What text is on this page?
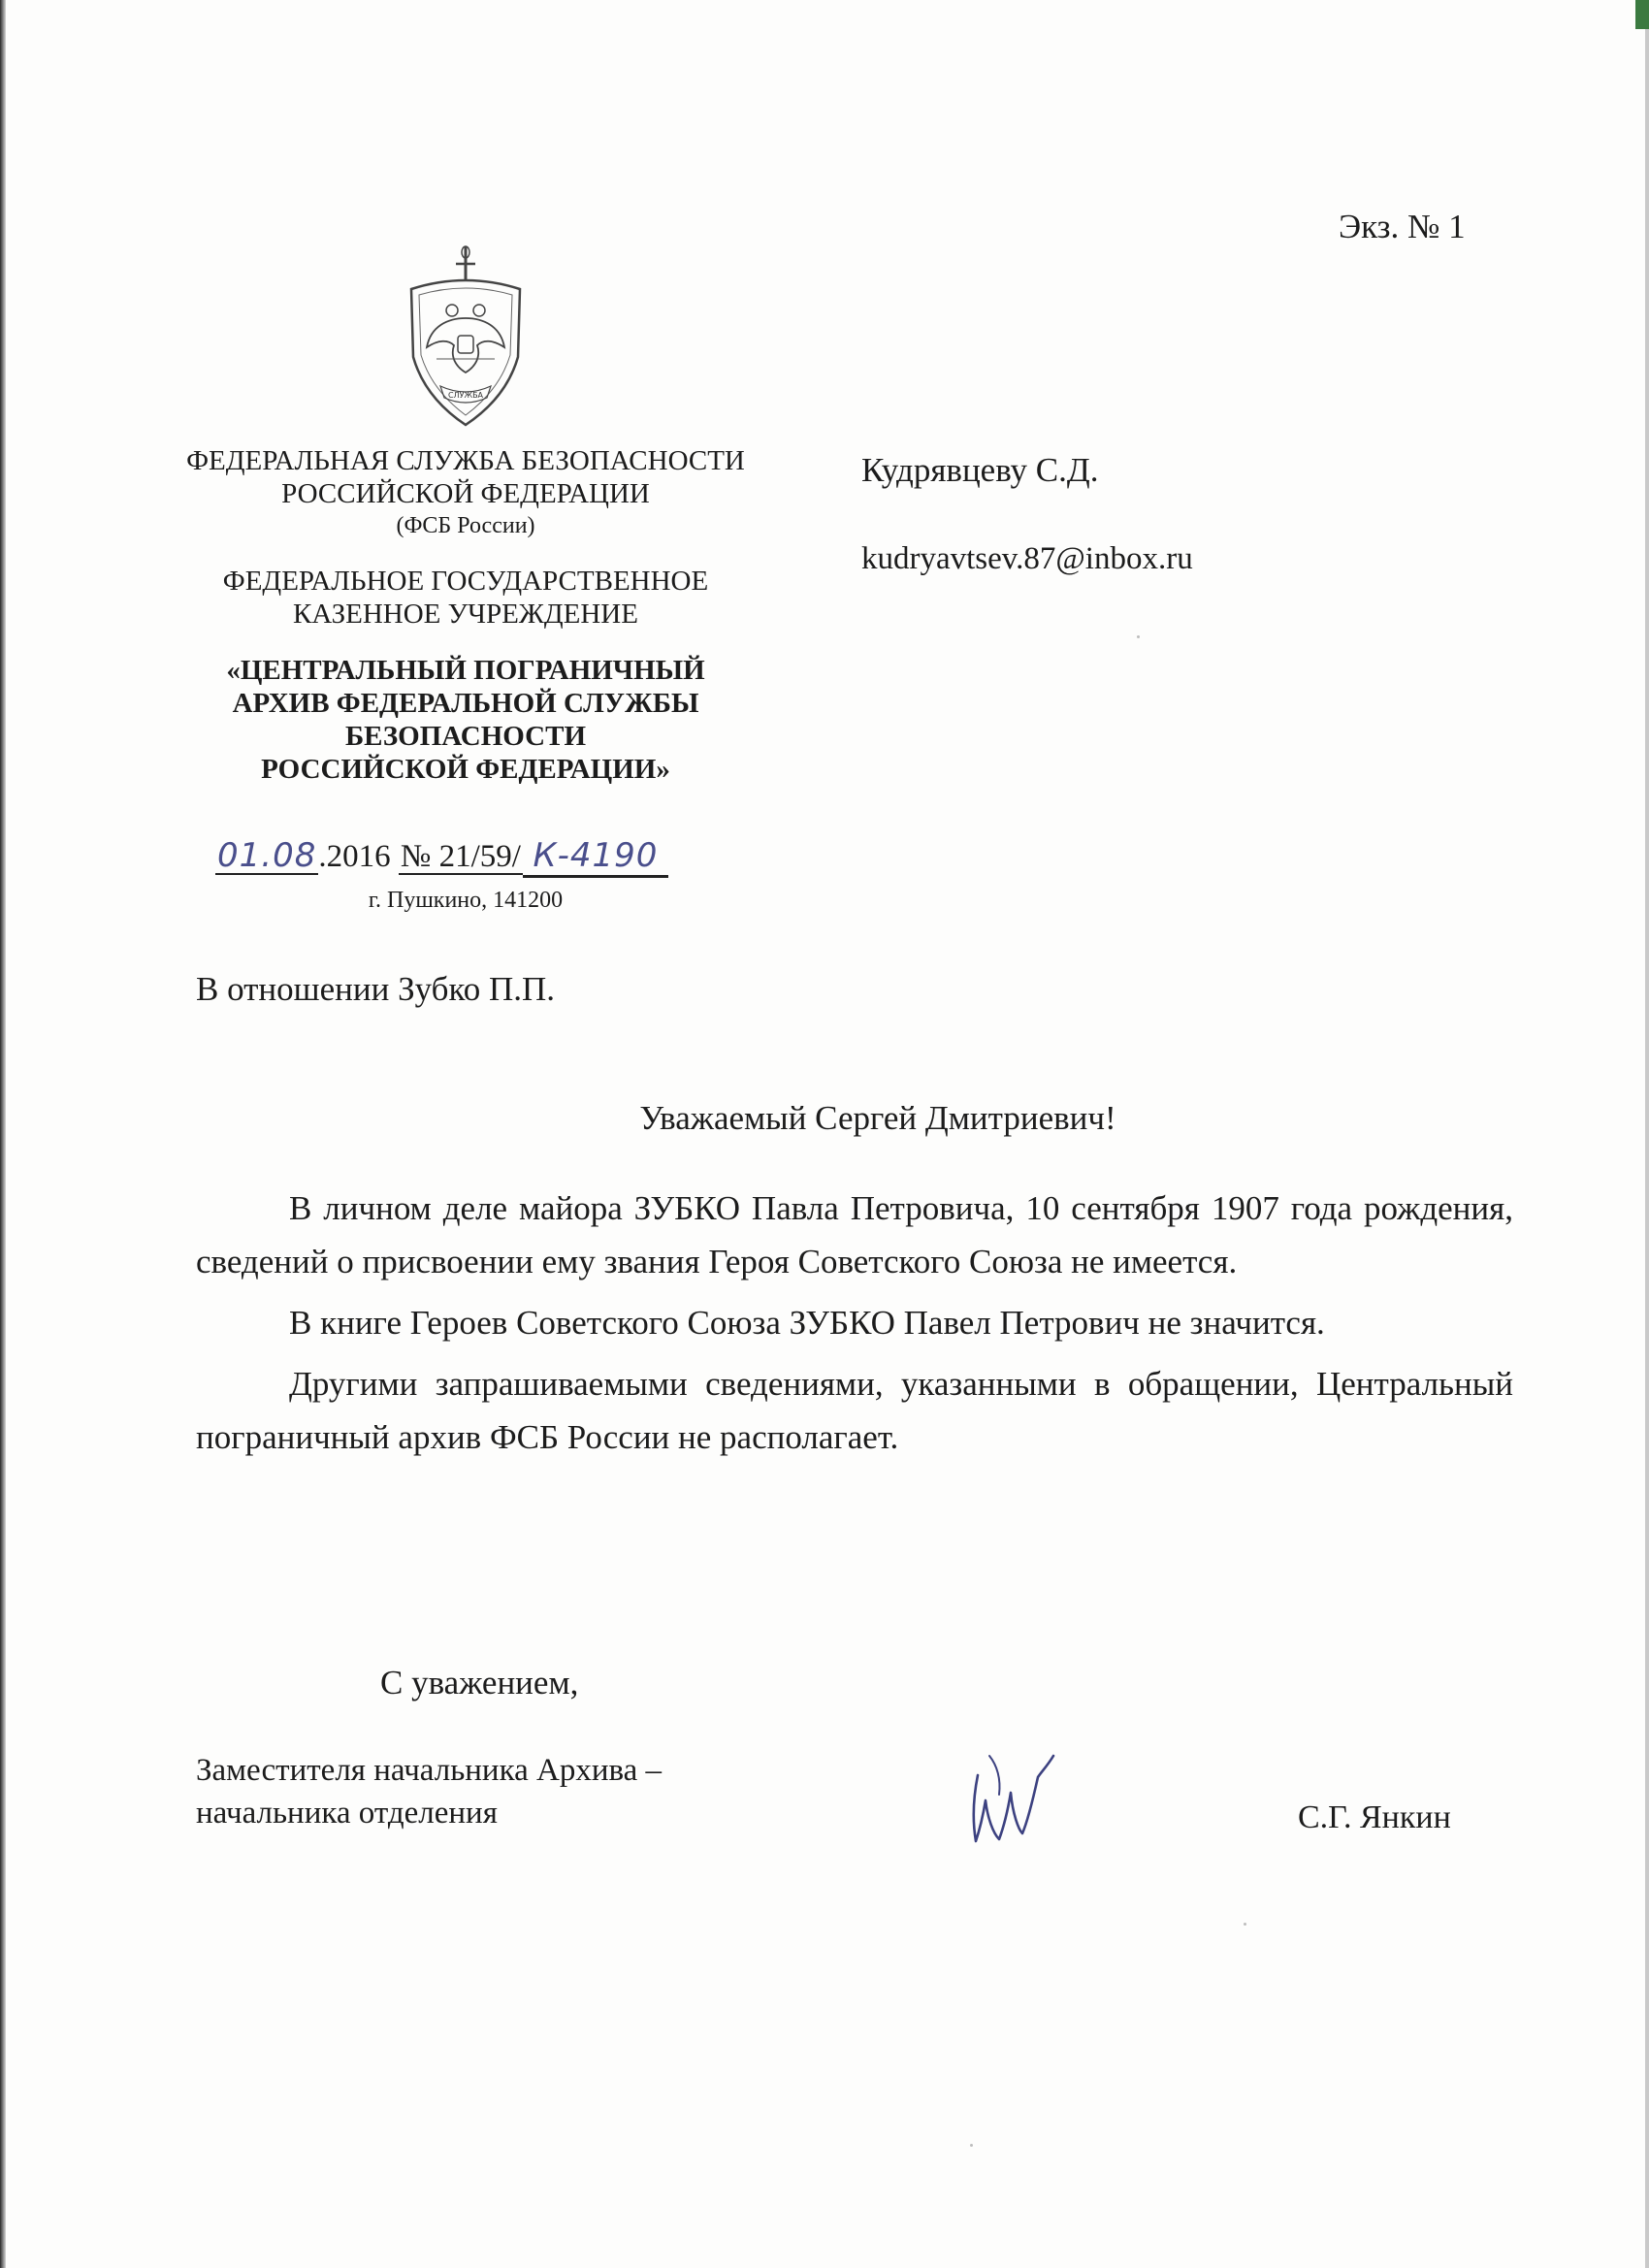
Экз. № 1
СЛУЖБА
ФЕДЕРАЛЬНАЯ СЛУЖБА БЕЗОПАСНОСТИ
РОССИЙСКОЙ ФЕДЕРАЦИИ
(ФСБ России)
ФЕДЕРАЛЬНОЕ ГОСУДАРСТВЕННОЕ
КАЗЕННОЕ УЧРЕЖДЕНИЕ
«ЦЕНТРАЛЬНЫЙ ПОГРАНИЧНЫЙ
АРХИВ ФЕДЕРАЛЬНОЙ СЛУЖБЫ
БЕЗОПАСНОСТИ
РОССИЙСКОЙ ФЕДЕРАЦИИ»
01.08.2016 № 21/59/ К-4190
г. Пушкино, 141200
Кудрявцеву С.Д.
kudryavtsev.87@inbox.ru
В отношении Зубко П.П.
Уважаемый Сергей Дмитриевич!

В личном деле майора ЗУБКО Павла Петровича, 10 сентября 1907 года рождения, сведений о присвоении ему звания Героя Советского Союза не имеется.

В книге Героев Советского Союза ЗУБКО Павел Петрович не значится.

Другими запрашиваемыми сведениями, указанными в обращении, Центральный пограничный архив ФСБ России не располагает.

С уважением,
Заместителя начальника Архива –
начальника отделения	С.Г. Янкин
